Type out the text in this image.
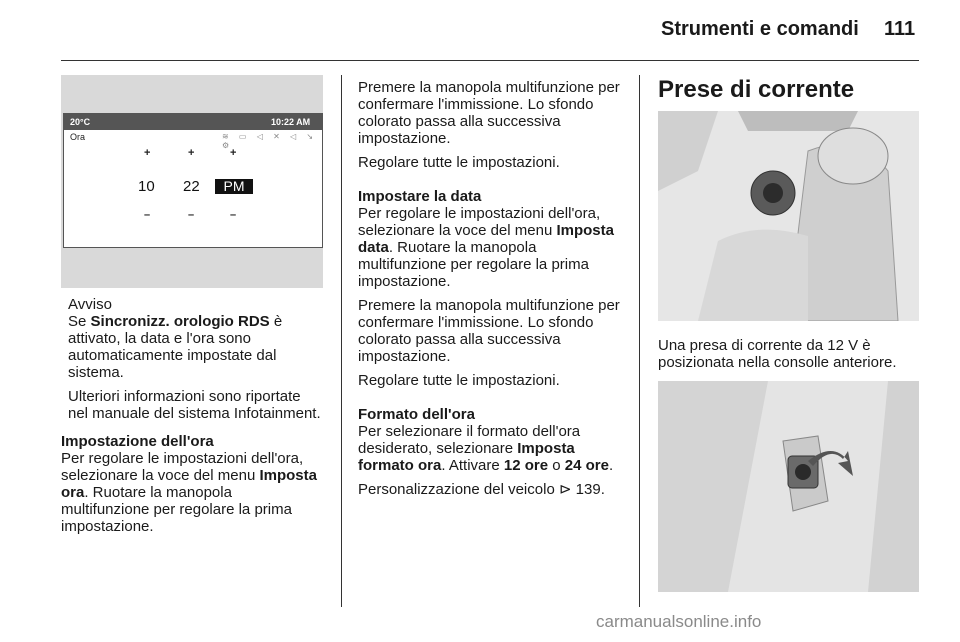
Strumenti e comandi 111
20°C	10:22 AM
Ora	≋ ▭ ◁ ✕ ◁ ↘ ⚙
+	+	+
10 22	PM
–	–	–
Avviso

Se Sincronizz. orologio RDS è attivato, la data e l'ora sono automaticamente impostate dal sistema.

Ulteriori informazioni sono riportate nel manuale del sistema Infotainment.

Impostazione dell'ora

Per regolare le impostazioni dell'ora, selezionare la voce del menu Imposta ora. Ruotare la manopola multifunzione per regolare la prima impostazione.

Premere la manopola multifunzione per confermare l'immissione. Lo sfondo colorato passa alla successiva impostazione.

Regolare tutte le impostazioni.

Impostare la data

Per regolare le impostazioni dell'ora, selezionare la voce del menu Imposta data. Ruotare la manopola multifunzione per regolare la prima impostazione.

Premere la manopola multifunzione per confermare l'immissione. Lo sfondo colorato passa alla successiva impostazione.

Regolare tutte le impostazioni.

Formato dell'ora

Per selezionare il formato dell'ora desiderato, selezionare Imposta formato ora. Attivare 12 ore o 24 ore.

Personalizzazione del veicolo ⊳ 139.

Prese di corrente
Una presa di corrente da 12 V è posizionata nella consolle anteriore.
carmanualsonline.info
